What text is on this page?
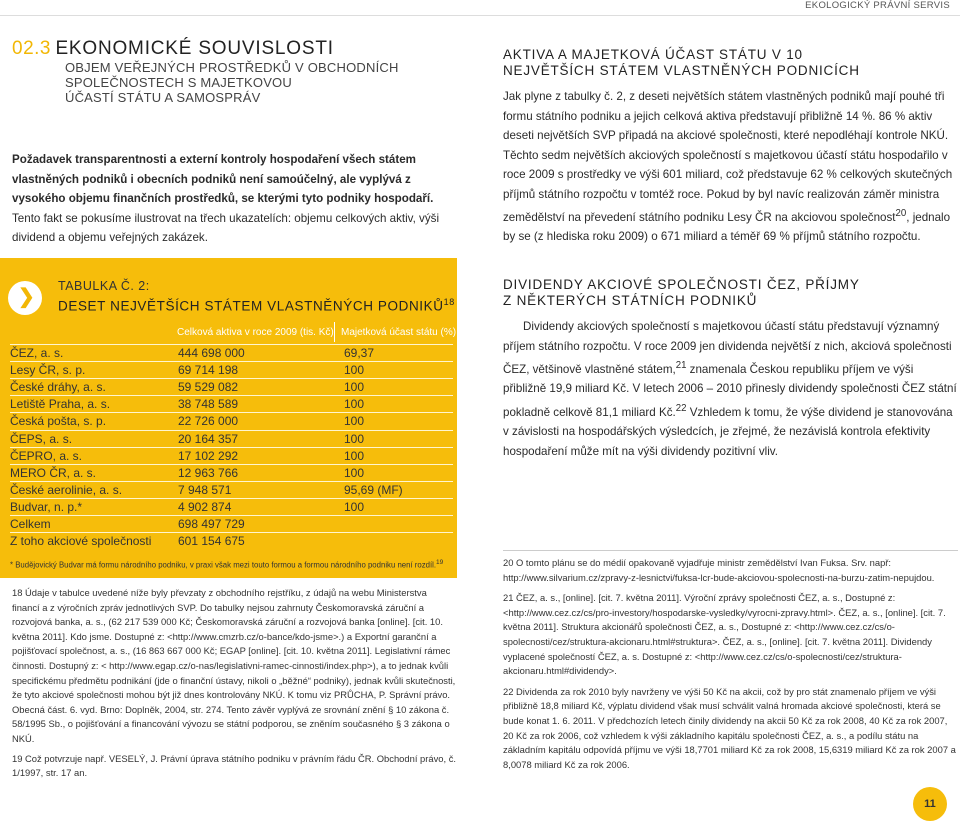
EKOLOGICKÝ PRÁVNÍ SERVIS
02.3 EKONOMICKÉ SOUVISLOSTI
OBJEM VEŘEJNÝCH PROSTŘEDKŮ V OBCHODNÍCH
SPOLEČNOSTECH S MAJETKOVOU
ÚČASTÍ STÁTU A SAMOSPRÁV
Požadavek transparentnosti a externí kontroly hospodaření všech státem vlastněných podniků i obecních podniků není samoúčelný, ale vyplývá z vysokého objemu finančních prostředků, se kterými tyto podniky hospodaří. Tento fakt se pokusíme ilustrovat na třech ukazatelích: objemu celkových aktiv, výši dividend a objemu veřejných zakázek.
❯ TABULKA Č. 2:
DESET NEJVĚTŠÍCH STÁTEM VLASTNĚNÝCH PODNIKŮ$^{18}$
Celková aktiva v roce 2009 (tis. Kč) Majetková účast státu (%)
ČEZ, a. s.	444 698 000	69,37
Lesy ČR, s. p.	69 714 198	100
České dráhy, a. s.	59 529 082	100
Letiště Praha, a. s.	38 748 589	100
Česká pošta, s. p.	22 726 000	100
ČEPS, a. s.	20 164 357	100
ČEPRO, a. s.	17 102 292	100
MERO ČR, a. s.	12 963 766	100
České aerolinie, a. s.	7 948 571	95,69 (MF)
Budvar, n. p.*	4 902 874	100
Celkem	698 497 729
Z toho akciové společnosti 601 154 675
* Budějovický Budvar má formu národního podniku, v praxi však mezi touto formou a formou národního podniku není rozdíl.$^{19}$

18 Údaje v tabulce uvedené níže byly převzaty z obchodního rejstříku, z údajů na webu Ministerstva financí a z výročních zpráv jednotlivých SVP. Do tabulky nejsou zahrnuty Českomoravská záruční a rozvojová banka, a. s., (62 217 539 000 Kč; Českomoravská záruční a rozvojová banka [online]. [cit. 10. května 2011]. Kdo jsme. Dostupné z: <http://www.cmzrb.cz/o-bance/kdo-jsme>.) a Exportní garanční a pojišťovací společnost, a. s., (16 863 667 000 Kč; EGAP [online]. [cit. 10. května 2011]. Legislativní rámec činnosti. Dostupný z: < http://www.egap.cz/o-nas/legislativni-ramec-cinnosti/index.php>), a to jednak kvůli specifickému předmětu podnikání (jde o finanční ústavy, nikoli o „běžné“ podniky), jednak kvůli skutečnosti, že tyto akciové společnosti mohou být již dnes kontrolovány NKÚ. K tomu viz PRŮCHA, P. Správní právo. Obecná část. 6. vyd. Brno: Doplněk, 2004, str. 274. Tento závěr vyplývá ze srovnání znění § 10 zákona č. 58/1995 Sb., o pojišťování a financování vývozu se státní podporou, se zněním současného § 3 zákona o NKÚ.

19 Což potvrzuje např. VESELÝ, J. Právní úprava státního podniku v právním řádu ČR. Obchodní právo, č. 1/1997, str. 17 an.

AKTIVA A MAJETKOVÁ ÚČAST STÁTU V 10
NEJVĚTŠÍCH STÁTEM VLASTNĚNÝCH PODNICÍCH

Jak plyne z tabulky č. 2, z deseti největších státem vlastněných podniků mají pouhé tři formu státního podniku a jejich celková aktiva představují přibližně 14 %. 86 % aktiv deseti největších SVP připadá na akciové společnosti, které nepodléhají kontrole NKÚ. Těchto sedm největších akciových společností s majetkovou účastí státu hospodařilo v roce 2009 s prostředky ve výši 601 miliard, což představuje 62 % celkových skutečných příjmů státního rozpočtu v tomtéž roce. Pokud by byl navíc realizován záměr ministra zemědělství na převedení státního podniku Lesy ČR na akciovou společnost$^{20}$, jednalo by se (z hlediska roku 2009) o 671 miliard a téměř 69 % příjmů státního rozpočtu.

DIVIDENDY AKCIOVÉ SPOLEČNOSTI ČEZ, PŘÍJMY
Z NĚKTERÝCH STÁTNÍCH PODNIKŮ

Dividendy akciových společností s majetkovou účastí státu představují významný příjem státního rozpočtu. V roce 2009 jen dividenda největší z nich, akciová společnosti ČEZ, většinově vlastněné státem,$^{21}$ znamenala Českou republiku příjem ve výši přibližně 19,9 miliard Kč. V letech 2006 – 2010 přinesly dividendy společnosti ČEZ státní pokladně celkově 81,1 miliard Kč.$^{22}$ Vzhledem k tomu, že výše dividend je stanovována v závislosti na hospodářských výsledcích, je zřejmé, že nezávislá kontrola efektivity hospodaření může mít na výši dividendy pozitivní vliv.

20 O tomto plánu se do médií opakovaně vyjadřuje ministr zemědělství Ivan Fuksa. Srv. např: http://www.silvarium.cz/zpravy-z-lesnictvi/fuksa-lcr-bude-akciovou-spolecnosti-na-burzu-zatim-nepujdou.

21 ČEZ, a. s., [online]. [cit. 7. května 2011]. Výroční zprávy společnosti ČEZ, a. s., Dostupné z: <http://www.cez.cz/cs/pro-investory/hospodarske-vysledky/vyrocni-zpravy.html>. ČEZ, a. s., [online]. [cit. 7. května 2011]. Struktura akcionářů společnosti ČEZ, a. s., Dostupné z: <http://www.cez.cz/cs/o-spolecnosti/cez/struktura-akcionaru.html#struktura>. ČEZ, a. s., [online]. [cit. 7. května 2011]. Dividendy vyplacené společností ČEZ, a. s. Dostupné z: <http://www.cez.cz/cs/o-spolecnosti/cez/struktura-akcionaru.html#dividendy>.

22 Dividenda za rok 2010 byly navrženy ve výši 50 Kč na akcii, což by pro stát znamenalo příjem ve výši přibližně 18,8 miliard Kč, výplatu dividend však musí schválit valná hromada akciové společnosti, která se bude konat 1. 6. 2011. V předchozích letech činily dividendy na akcii 50 Kč za rok 2008, 40 Kč za rok 2007, 20 Kč za rok 2006, což vzhledem k výši základního kapitálu společnosti ČEZ, a. s., a podílu státu na základním kapitálu odpovídá příjmu ve výši 18,7701 miliard Kč za rok 2008, 15,6319 miliard Kč za rok 2007 a 8,0078 miliard Kč za rok 2006.

11
